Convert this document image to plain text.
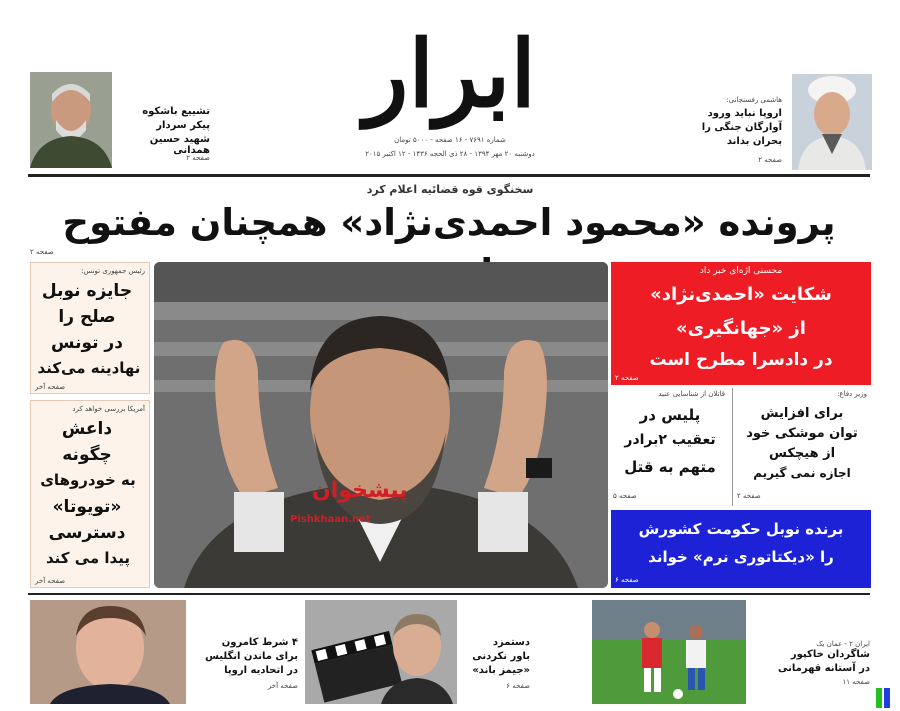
هاشمی رفسنجانی:
اروپا نباید ورود
آوارگان جنگی را
بحران بداند
صفحه ۲
ابرار
شماره ۷۶۹۱ - ۱۶ صفحه - ۵۰۰۰ تومان
دوشنبه ۲۰ مهر ۱۳۹۴ - ۲۸ ذی الحجه ۱۴۳۶ - ۱۲ اکتبر ۲۰۱۵
تشییع باشکوه
پیکر سردار
شهید حسین همدانی
صفحه ۲
سخنگوی قوه قضائیه اعلام کرد
پرونده «محمود احمدی‌نژاد» همچنان مفتوح
صفحه ۲
رئیس جمهوری تونس:
جایزه نوبل
صلح را
در تونس
نهادینه می‌کند
صفحه آخر
آمریکا بررسی خواهد کرد
داعش
چگونه
به خودروهای
«تویوتا»
دسترسی
پیدا می کند
صفحه آخر
پیشخوان
Pishkhaan.net
محسنی اژه‌ای خبر داد
شکایت «احمدی‌نژاد»
از «جهانگیری»
در دادسرا مطرح است
صفحه ۲
وزیر دفاع:
برای افزایش
توان موشکی خود
از هیچکس
اجازه نمی گیریم
صفحه ۲
قاتلان از شناسایی عنید
پلیس در
تعقیب ۲برادر
متهم به قتل
صفحه ۵
برنده نوبل حکومت کشورش
را «دیکتاتوری نرم» خواند
صفحه ۶
۴ شرط کامرون
برای ماندن انگلیس
در اتحادیه اروپا
صفحه آخر
دستمزد
باور نکردنی
«جیمز باند»
صفحه ۶
ایران ۲ - عمان یک
شاگردان خاکپور
در آستانه قهرمانی
صفحه ۱۱
